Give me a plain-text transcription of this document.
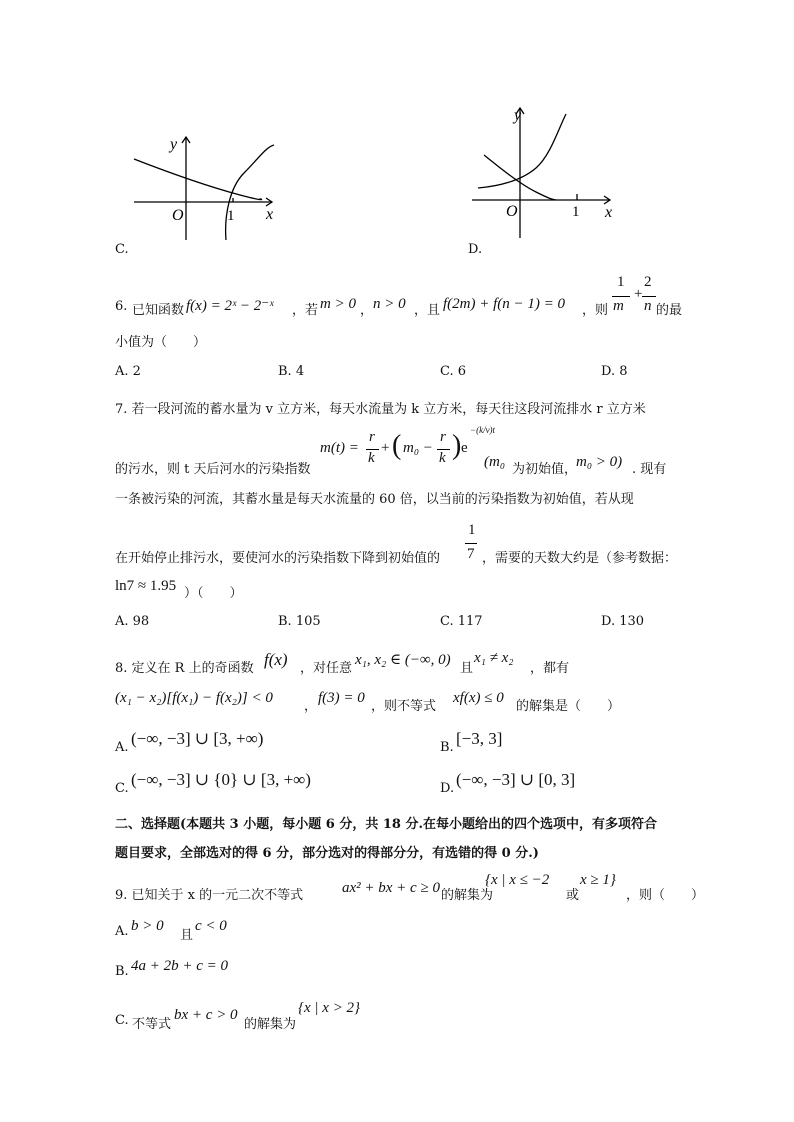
y
x
O	1
C.
y
x
O	1
D.
6. 已知函数 f(x) = 2ˣ − 2⁻ˣ ，若 m > 0 ， n > 0 ，且 f(2m) + f(n − 1) = 0 ，则
1
m
+
2
n 的最
小值为（　　）
A. 2	B. 4	C. 6	D. 8
7. 若一段河流的蓄水量为 v 立方米，每天水流量为 k 立方米，每天往这段河流排水 r 立方米
的污水，则 t 天后河水的污染指数
m(t) =
r
k
+ ( m₀ −
r
k ) e
−(k/v)t
(m₀ 为初始值，
m₀ > 0) . 现有
一条被污染的河流，其蓄水量是每天水流量的 60 倍，以当前的污染指数为初始值，若从现
在开始停止排污水，要使河水的污染指数下降到初始值的
1
7 ，需要的天数大约是（参考数据：
ln7 ≈ 1.95 ）（　　）
A. 98	B. 105	C. 117	D. 130
8. 定义在 R 上的奇函数 f(x) ，对任意
x₁, x₂ ∈ (−∞, 0)
且
x₁ ≠ x₂
，都有
(x₁ − x₂)[f(x₁) − f(x₂)] < 0
，
f(3) = 0
，则不等式
xf(x) ≤ 0
的解集是（　　）
A. (−∞, −3] ∪ [3, +∞)	B. [−3, 3]
C. (−∞, −3] ∪ {0} ∪ [3, +∞)	D. (−∞, −3] ∪ [0, 3]
二、选择题(本题共 3 小题，每小题 6 分，共 18 分.在每小题给出的四个选项中，有多项符合
题目要求，全部选对的得 6 分，部分选对的得部分分，有选错的得 0 分.)
9. 已知关于 x 的一元二次不等式	ax² + bx + c ≥ 0 的解集为
{x | x ≤ −2
或
x ≥ 1}
，则（　　）
A. b > 0
且
c < 0
B. 4a + 2b + c = 0
C. 不等式
bx + c > 0
的解集为
{x | x > 2}
